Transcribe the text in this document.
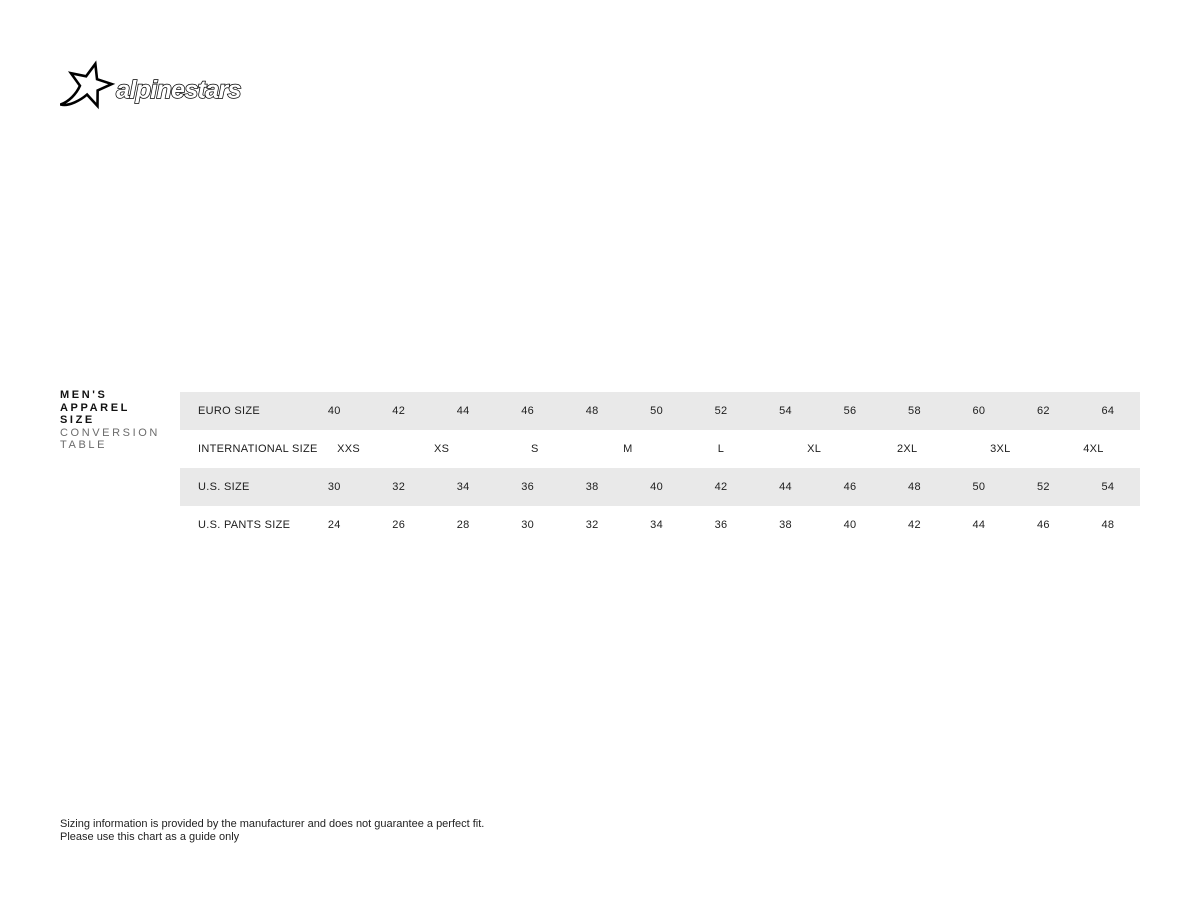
alpinestars
MEN'S
APPAREL
SIZE
CONVERSION
TABLE
EURO SIZE	40	42	44	46	48	50	52	54	56	58	60	62	64
INTERNATIONAL SIZE	XXS	XS	S	M	L	XL	2XL	3XL	4XL
U.S. SIZE	30	32	34	36	38	40	42	44	46	48	50	52	54
U.S. PANTS SIZE	24	26	28	30	32	34	36	38	40	42	44	46	48
Sizing information is provided by the manufacturer and does not guarantee a perfect fit.
Please use this chart as a guide only
